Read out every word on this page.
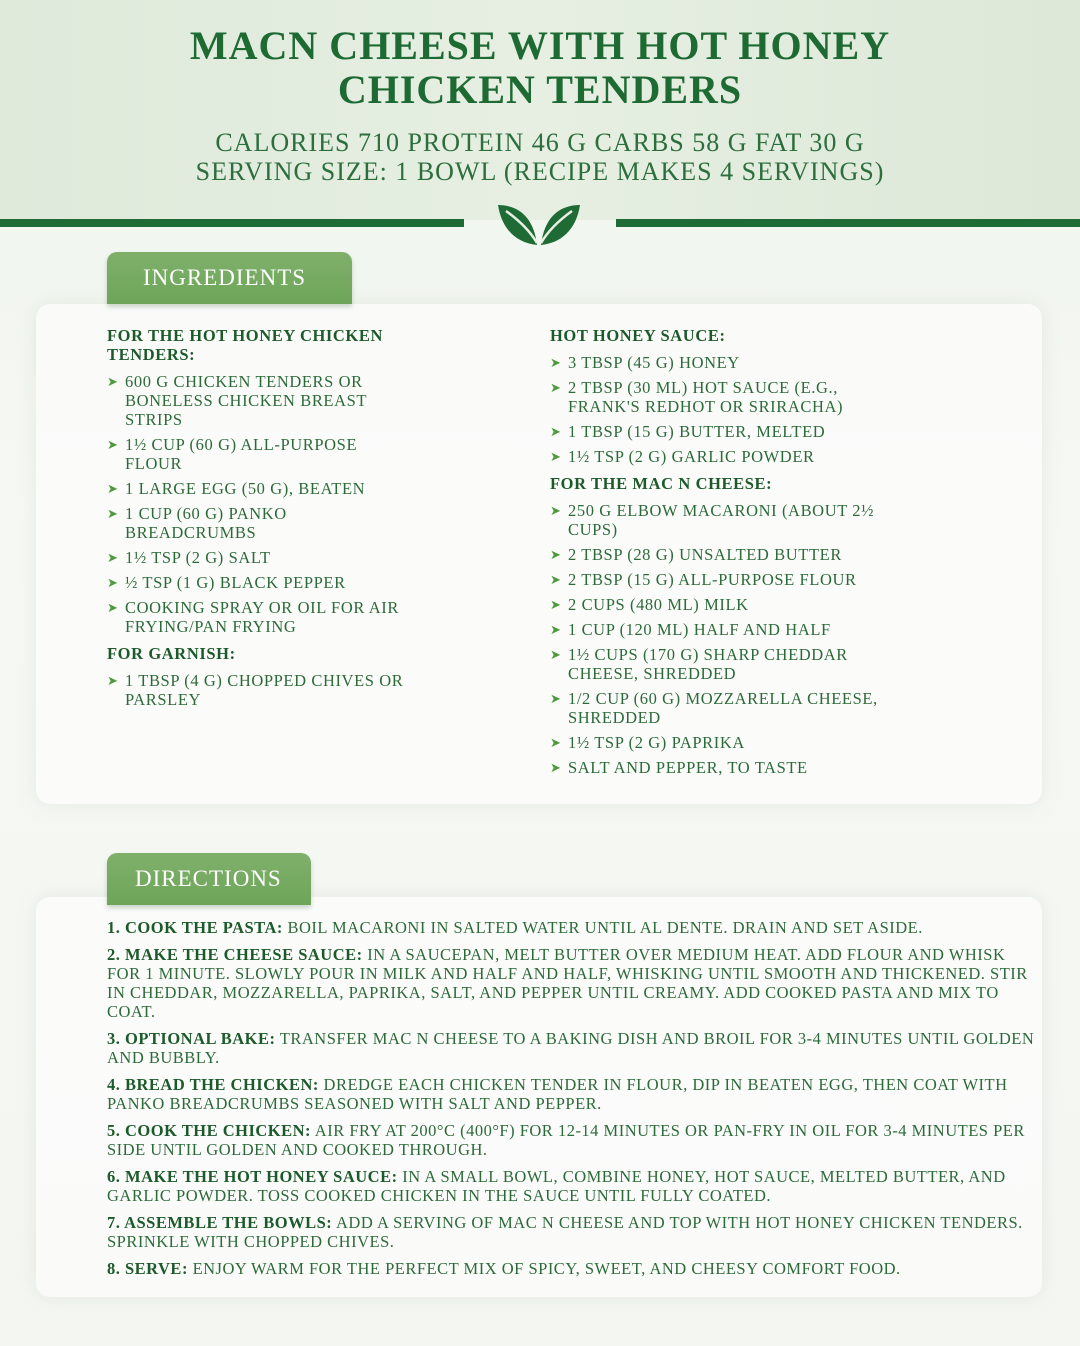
MACN CHEESE WITH HOT HONEY
CHICKEN TENDERS
CALORIES 710 PROTEIN 46 G CARBS 58 G FAT 30 G
SERVING SIZE: 1 BOWL (RECIPE MAKES 4 SERVINGS)
INGREDIENTS
FOR THE HOT HONEY CHICKEN TENDERS:
➤ 600 G CHICKEN TENDERS OR BONELESS CHICKEN BREAST STRIPS
➤ 1½ CUP (60 G) ALL-PURPOSE FLOUR
➤ 1 LARGE EGG (50 G), BEATEN
➤ 1 CUP (60 G) PANKO BREADCRUMBS
➤ 1½ TSP (2 G) SALT
➤ ½ TSP (1 G) BLACK PEPPER
➤ COOKING SPRAY OR OIL FOR AIR FRYING/PAN FRYING
FOR GARNISH:
➤ 1 TBSP (4 G) CHOPPED CHIVES OR PARSLEY
HOT HONEY SAUCE:
➤ 3 TBSP (45 G) HONEY
➤ 2 TBSP (30 ML) HOT SAUCE (E.G., FRANK'S REDHOT OR SRIRACHA)
➤ 1 TBSP (15 G) BUTTER, MELTED
➤ 1½ TSP (2 G) GARLIC POWDER
FOR THE MAC N CHEESE:
➤ 250 G ELBOW MACARONI (ABOUT 2½ CUPS)
➤ 2 TBSP (28 G) UNSALTED BUTTER
➤ 2 TBSP (15 G) ALL-PURPOSE FLOUR
➤ 2 CUPS (480 ML) MILK
➤ 1 CUP (120 ML) HALF AND HALF
➤ 1½ CUPS (170 G) SHARP CHEDDAR CHEESE, SHREDDED
➤ 1/2 CUP (60 G) MOZZARELLA CHEESE, SHREDDED
➤ 1½ TSP (2 G) PAPRIKA
➤ SALT AND PEPPER, TO TASTE
DIRECTIONS
1. COOK THE PASTA: BOIL MACARONI IN SALTED WATER UNTIL AL DENTE. DRAIN AND SET ASIDE.
2. MAKE THE CHEESE SAUCE: IN A SAUCEPAN, MELT BUTTER OVER MEDIUM HEAT. ADD FLOUR AND WHISK FOR 1 MINUTE. SLOWLY POUR IN MILK AND HALF AND HALF, WHISKING UNTIL SMOOTH AND THICKENED. STIR IN CHEDDAR, MOZZARELLA, PAPRIKA, SALT, AND PEPPER UNTIL CREAMY. ADD COOKED PASTA AND MIX TO COAT.
3. OPTIONAL BAKE: TRANSFER MAC N CHEESE TO A BAKING DISH AND BROIL FOR 3-4 MINUTES UNTIL GOLDEN AND BUBBLY.
4. BREAD THE CHICKEN: DREDGE EACH CHICKEN TENDER IN FLOUR, DIP IN BEATEN EGG, THEN COAT WITH PANKO BREADCRUMBS SEASONED WITH SALT AND PEPPER.
5. COOK THE CHICKEN: AIR FRY AT 200°C (400°F) FOR 12-14 MINUTES OR PAN-FRY IN OIL FOR 3-4 MINUTES PER SIDE UNTIL GOLDEN AND COOKED THROUGH.
6. MAKE THE HOT HONEY SAUCE: IN A SMALL BOWL, COMBINE HONEY, HOT SAUCE, MELTED BUTTER, AND GARLIC POWDER. TOSS COOKED CHICKEN IN THE SAUCE UNTIL FULLY COATED.
7. ASSEMBLE THE BOWLS: ADD A SERVING OF MAC N CHEESE AND TOP WITH HOT HONEY CHICKEN TENDERS. SPRINKLE WITH CHOPPED CHIVES.
8. SERVE: ENJOY WARM FOR THE PERFECT MIX OF SPICY, SWEET, AND CHEESY COMFORT FOOD.
